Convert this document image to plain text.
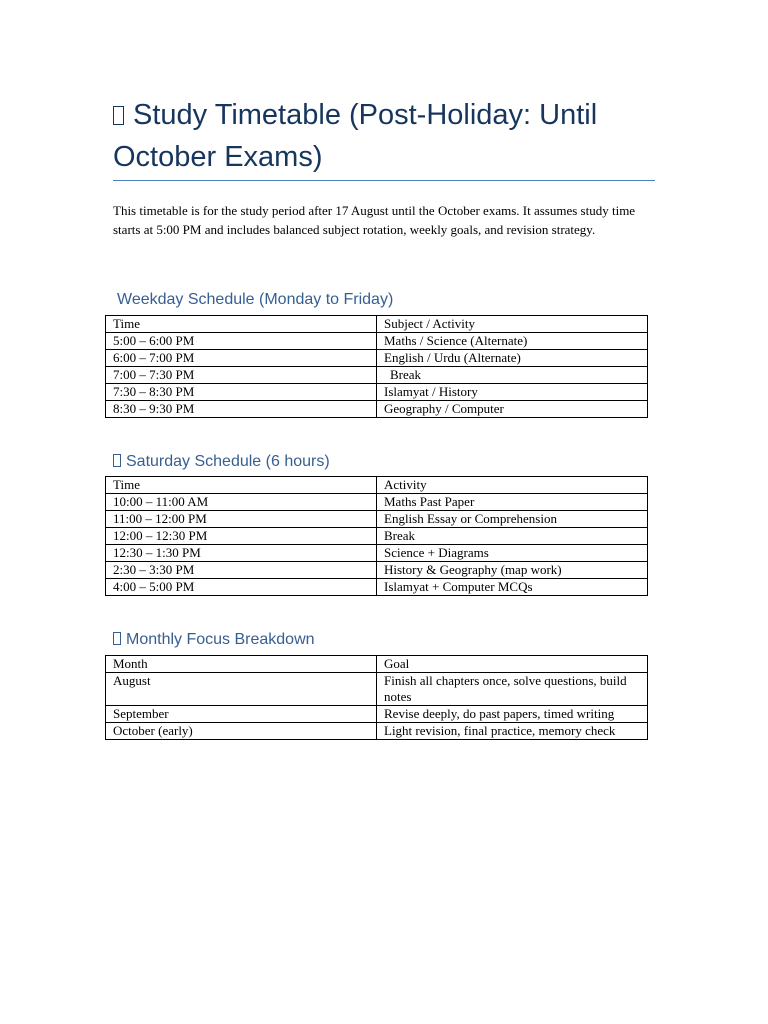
Study Timetable (Post-Holiday: Until October Exams)

This timetable is for the study period after 17 August until the October exams. It assumes study time starts at 5:00 PM and includes balanced subject rotation, weekly goals, and revision strategy.

Weekday Schedule (Monday to Friday)
Time	Subject / Activity
5:00 – 6:00 PM	Maths / Science (Alternate)
6:00 – 7:00 PM	English / Urdu (Alternate)
7:00 – 7:30 PM	Break
7:30 – 8:30 PM	Islamyat / History
8:30 – 9:30 PM	Geography / Computer
Saturday Schedule (6 hours)
Time	Activity
10:00 – 11:00 AM	Maths Past Paper
11:00 – 12:00 PM	English Essay or Comprehension
12:00 – 12:30 PM	Break
12:30 – 1:30 PM	Science + Diagrams
2:30 – 3:30 PM	History & Geography (map work)
4:00 – 5:00 PM	Islamyat + Computer MCQs
Monthly Focus Breakdown
Month	Goal
August	Finish all chapters once, solve questions, build notes
September	Revise deeply, do past papers, timed writing
October (early)	Light revision, final practice, memory check
